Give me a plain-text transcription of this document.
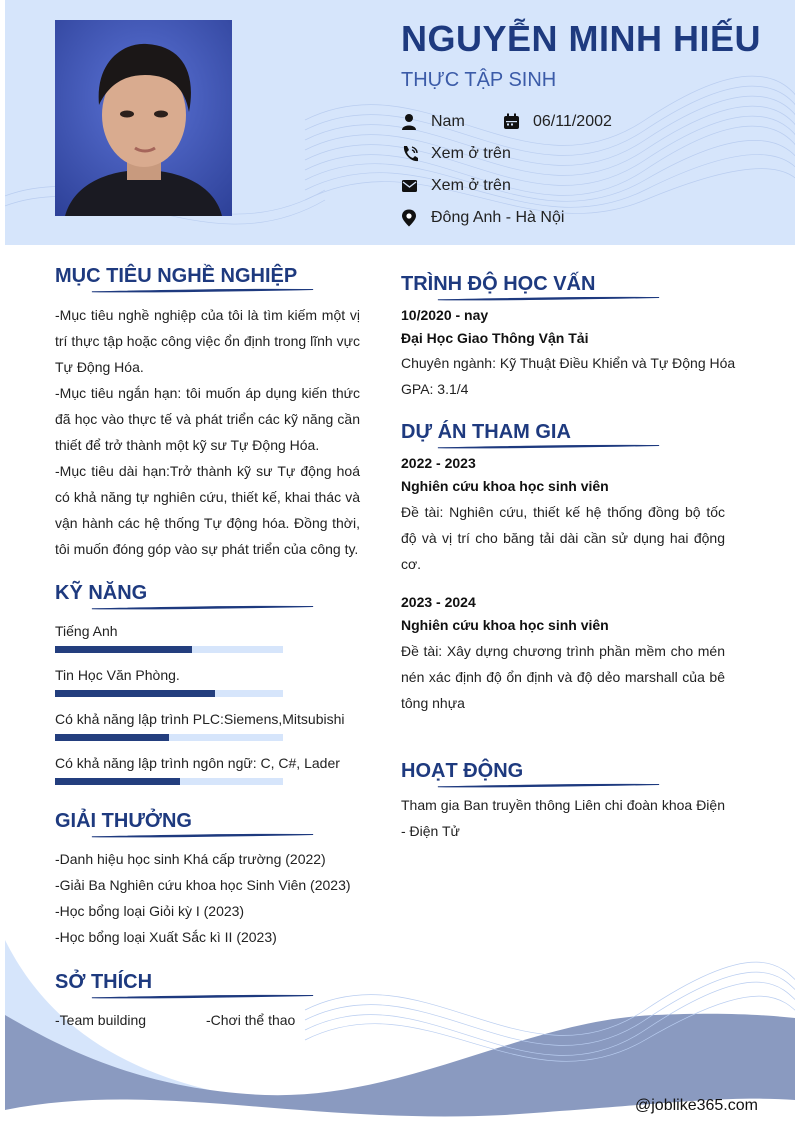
NGUYỄN MINH HIẾU
THỰC TẬP SINH
Nam	06/11/2002
Xem ở trên
Xem ở trên
Đông Anh - Hà Nội
MỤC TIÊU NGHỀ NGHIỆP

-Mục tiêu nghề nghiệp của tôi là tìm kiếm một vị trí thực tập hoặc công việc ổn định trong lĩnh vực Tự Động Hóa.

-Mục tiêu ngắn hạn: tôi muốn áp dụng kiến thức đã học vào thực tế và phát triển các kỹ năng cần thiết để trở thành một kỹ sư Tự Động Hóa.

-Mục tiêu dài hạn:Trở thành kỹ sư Tự động hoá có khả năng tự nghiên cứu, thiết kế, khai thác và vận hành các hệ thống Tự động hóa. Đồng thời, tôi muốn đóng góp vào sự phát triển của công ty.

KỸ NĂNG
Tiếng Anh
Tin Học Văn Phòng.
Có khả năng lập trình PLC:Siemens,Mitsubishi
Có khả năng lập trình ngôn ngữ: C, C#, Lader
GIẢI THƯỞNG
-Danh hiệu học sinh Khá cấp trường (2022)
-Giải Ba Nghiên cứu khoa học Sinh Viên (2023)
-Học bổng loại Giỏi kỳ I (2023)
-Học bổng loại Xuất Sắc kì II (2023)
SỞ THÍCH
-Team building	-Chơi thể thao
TRÌNH ĐỘ HỌC VẤN
10/2020 - nay
Đại Học Giao Thông Vận Tải
Chuyên ngành: Kỹ Thuật Điều Khiển và Tự Động Hóa
GPA: 3.1/4
DỰ ÁN THAM GIA
2022 - 2023
Nghiên cứu khoa học sinh viên
Đề tài: Nghiên cứu, thiết kế hệ thống đồng bộ tốc độ và vị trí cho băng tải dài cần sử dụng hai động cơ.
2023 - 2024
Nghiên cứu khoa học sinh viên
Đề tài: Xây dựng chương trình phần mềm cho mén nén xác định độ ổn định và độ dẻo marshall của bê tông nhựa
HOẠT ĐỘNG
Tham gia Ban truyền thông Liên chi đoàn khoa Điện - Điện Tử
@joblike365.com
